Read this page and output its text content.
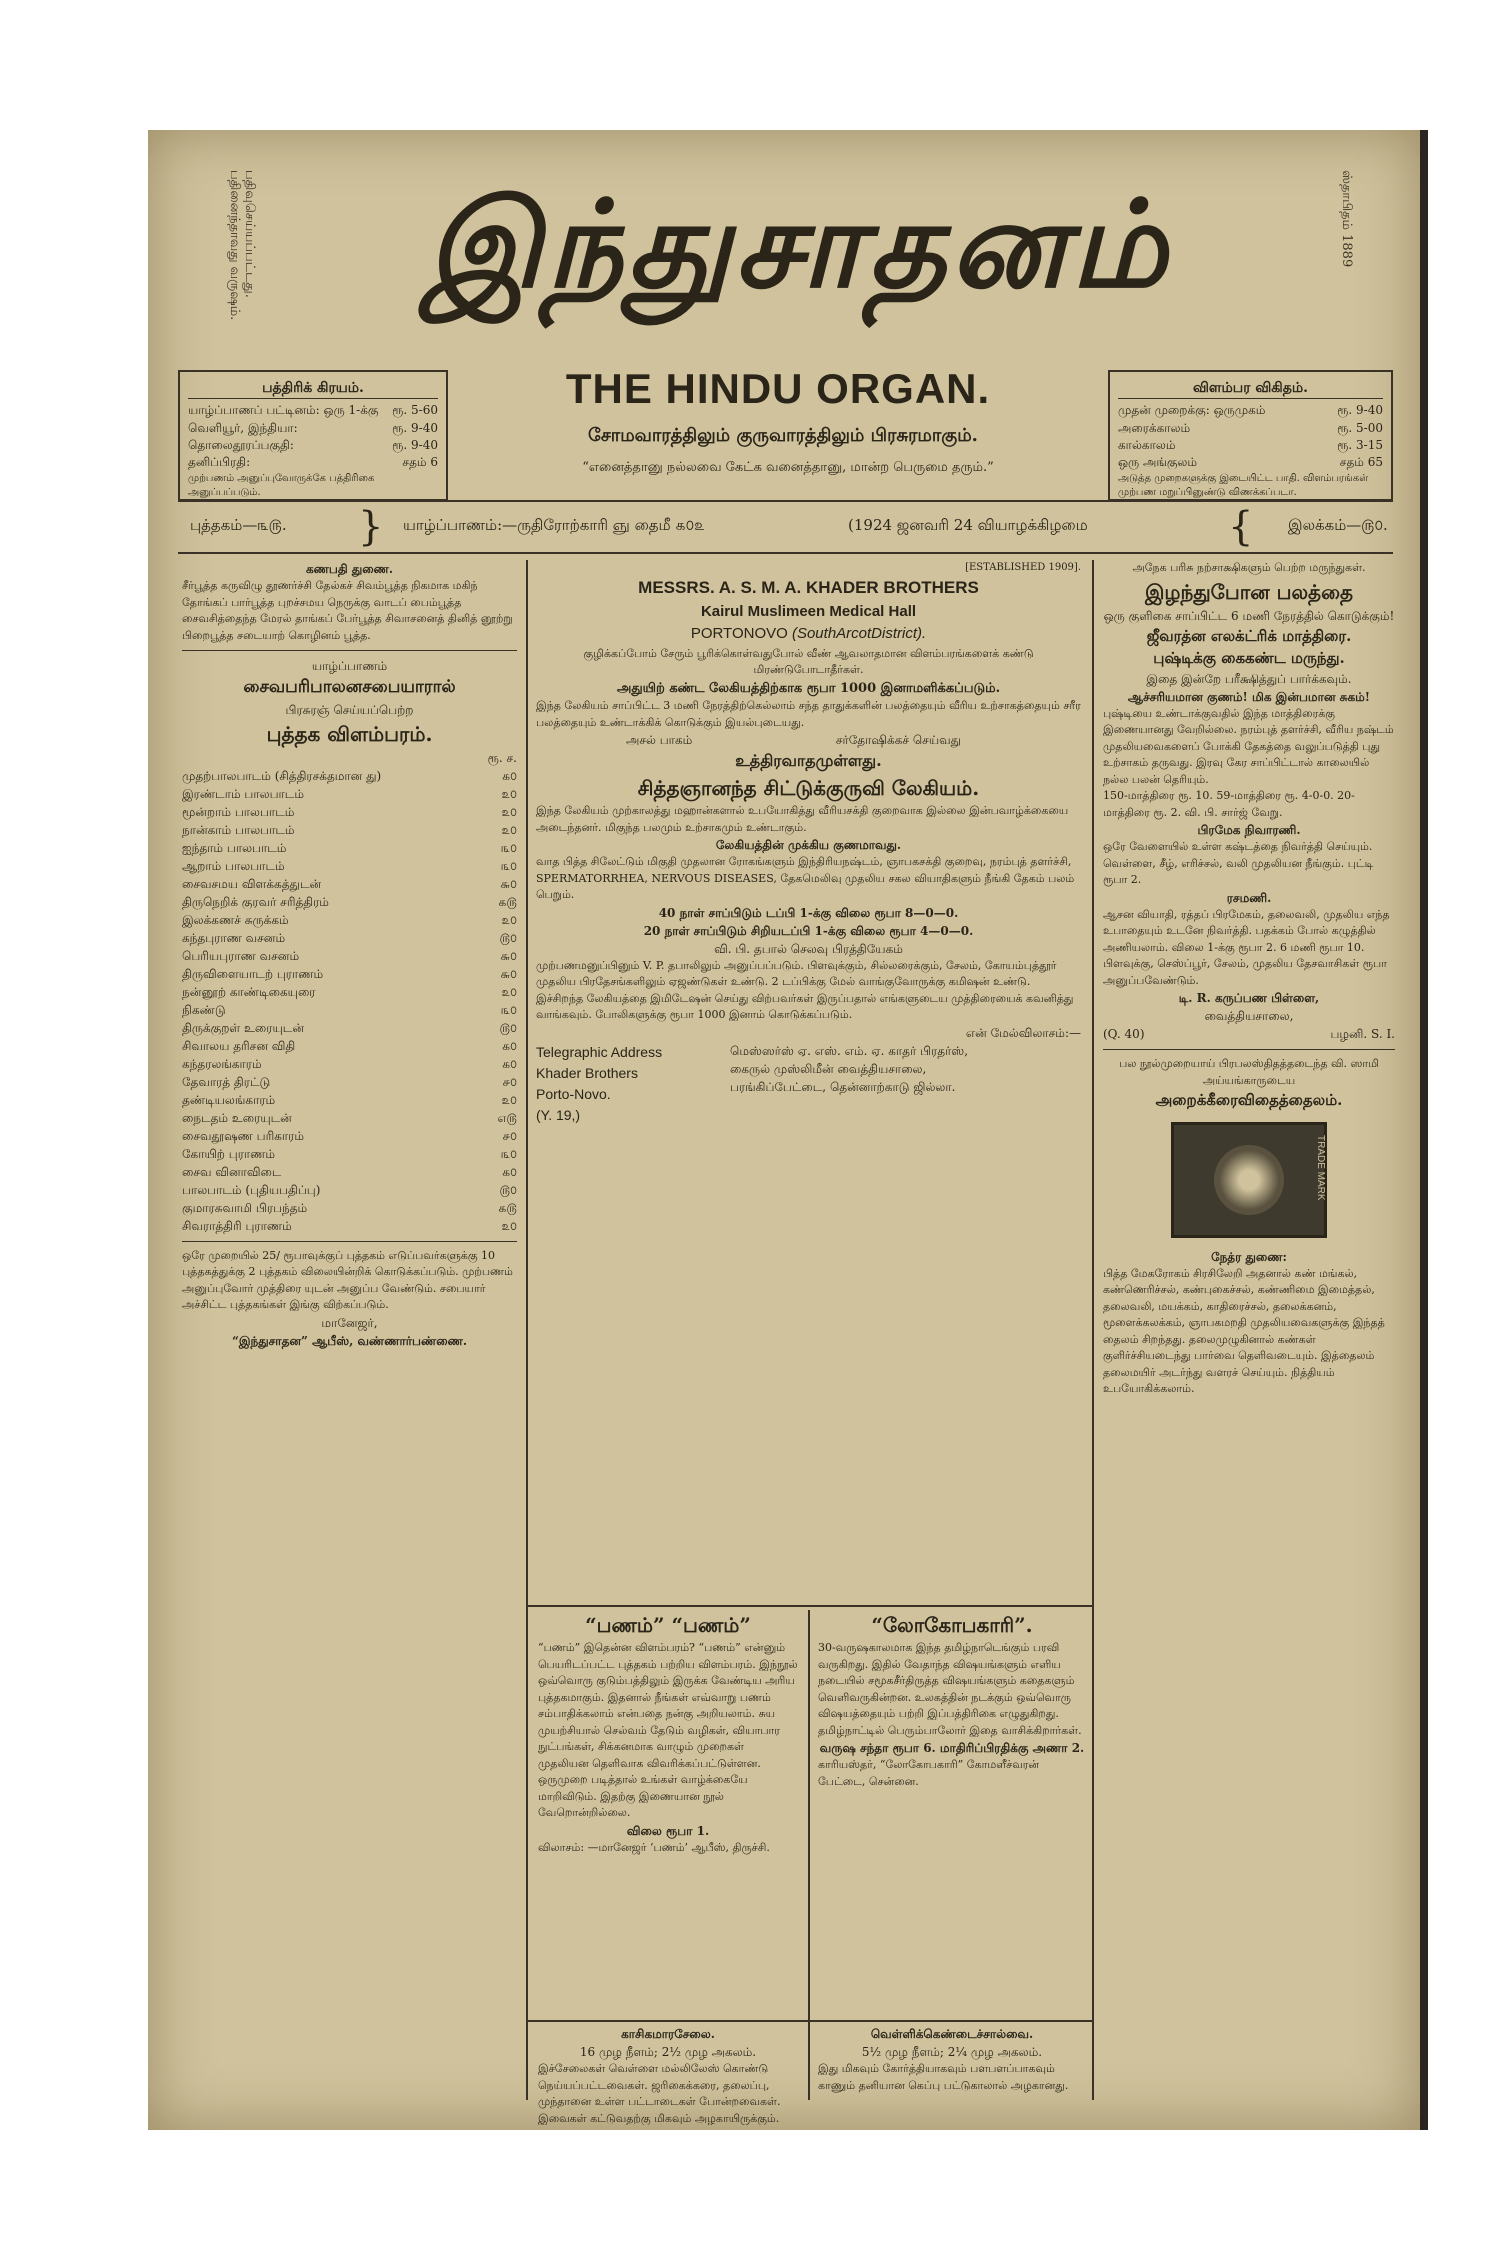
பதிவுசெய்யப்பட்டது. பதினைந்தாவது வருஷம்.	ஸ்தாபிதம் 1889
இந்துசாதனம்
பத்திரிக் கிரயம்.
யாழ்ப்பாணப் பட்டினம்: ஒரு 1-க்கு ரூ. 5-60
வெளியூர், இந்தியா:	ரூ. 9-40
தொலைதூரப்பகுதி:	ரூ. 9-40
தனிப்பிரதி:	சதம் 6
முற்பணம் அனுப்புவோருக்கே பத்திரிகை அனுப்பப்படும்.
விளம்பர விகிதம்.
முதன் முறைக்கு: ஒருமுகம்	ரூ. 9-40
அரைக்காலம்	ரூ. 5-00
கால்காலம்	ரூ. 3-15
ஒரு அங்குலம்	சதம் 65
அடுத்த முறைகளுக்கு இடையிட்ட பாதி. விளம்பரங்கள் முற்பண மறுப்பினுண்டு விணக்கப்படா.
THE HINDU ORGAN.
சோமவாரத்திலும் குருவாரத்திலும் பிரசுரமாகும்.
“எனைத்தானு நல்லவை கேட்க வனைத்தானு, மான்ற பெருமை தரும்.”
புத்தகம்—௩௫. } யாழ்ப்பாணம்:—ருதிரோற்காரி ஞு தைமீ ௧௦௨	(1924 ஜனவரி 24 வியாழக்கிழமை	{ இலக்கம்—௫௦.
கணபதி துணை.
சீர்பூத்த கருவிழு தூணர்ச்சி தேல்கச் சிவம்பூத்த நிகமாக மகிந் தோங்கப் பார்பூத்த புறச்சமய நெருக்கு வாடப் பைம்பூத்த சைவசித்தைந்த மேரல் தாங்கப் பேர்பூத்த சிவாசனைத் தினித் னூற்று பிறைபூத்த சடையாற் கொழினம் பூத்த.
யாழ்ப்பாணம்
சைவபரிபாலனசபையாரால்
பிரசுரஞ் செய்யப்பெற்ற
புத்தக விளம்பரம்.
ரூ. ச.
முதற்பாலபாடம் (சித்திரசக்தமான து)	௧௦
இரண்டாம் பாலபாடம்	௨௦
மூன்றாம் பாலபாடம்	௨௦
நான்காம் பாலபாடம்	௨௦
ஐந்தாம் பாலபாடம்	௩௦
ஆறாம் பாலபாடம்	௩௦
சைவசமய விளக்கத்துடன்	௬௦
திருநெறிக் குரவர் சரித்திரம்	௧௫
இலக்கணச் சுருக்கம்	௨௦
கந்தபுராண வசனம்	௫௦
பெரியபுராண வசனம்	௬௦
திருவிளையாடற் புராணம்	௬௦
நன்னூற் காண்டிகையுரை	௨௦
நிகண்டு	௩௦
திருக்குறள் உரையுடன்	௫௦
சிவாலய தரிசன விதி	௧௦
கந்தரலங்காரம்	௧௦
தேவாரத் திரட்டு	௪௦
தண்டியலங்காரம்	௨௦
நைடதம் உரையுடன்	௭௫
சைவதூஷண பரிகாரம்	௪௦
கோயிற் புராணம்	௩௦
சைவ வினாவிடை	௧௦
பாலபாடம் (புதியபதிப்பு)	௫௦
குமாரசுவாமி பிரபந்தம்	௧௫
சிவராத்திரி புராணம்	௨௦
ஒரே முறையில் 25/ ரூபாவுக்குப் புத்தகம் எடுப்பவர்களுக்கு 10 புத்தகத்துக்கு 2 புத்தகம் விலையின்றிக் கொடுக்கப்படும். முற்பணம் அனுப்புவோர் முத்திரை யுடன் அனுப்ப வேண்டும். சபையார் அச்சிட்ட புத்தகங்கள் இங்கு விற்கப்படும்.
மானேஜர்,
“இந்துசாதன” ஆபீஸ், வண்ணார்பண்ணை.
[ESTABLISHED 1909].
MESSRS. A. S. M. A. KHADER BROTHERS
Kairul Muslimeen Medical Hall
PORTONOVO (SouthArcotDistrict).
குழிக்கப்போம் சேரும் பூரிக்கொள்வதுபோல் வீண் ஆவலாதமான விளம்பரங்களைக் கண்டு மிரண்டுபோடாதீர்கள்.
அதுயிற் கண்ட லேகியத்திற்காக ரூபா 1000 இனாமளிக்கப்படும்.
இந்த லேகியம் சாப்பிட்ட 3 மணி நேரத்திற்கெல்லாம் சந்த தாதுக்களின் பலத்தையும் வீரிய உற்சாகத்தையும் சரீர பலத்தையும் உண்டாக்கிக் கொடுக்கும் இயல்புடையது.
அசல் பாகம்	சர்தோஷிக்கச் செய்வது
உத்திரவாதமுள்ளது.
சித்தஞானந்த சிட்டுக்குருவி லேகியம்.
இந்த லேகியம் முற்காலத்து மஹான்களால் உபயோகித்து வீரியசக்தி குறைவாக இல்லை இன்பவாழ்க்கையை அடைந்தனர். மிகுந்த பலமும் உற்சாகமும் உண்டாகும்.
லேகியத்தின் முக்கிய குணமாவது.
வாத பித்த சிலேட்டும் மிகுதி முதலான ரோகங்களும் இந்திரியநஷ்டம், ஞாபகசக்தி குறைவு, நரம்புத் தளர்ச்சி, SPERMATORRHEA, NERVOUS DISEASES, தேகமெலிவு முதலிய சகல வியாதிகளும் நீங்கி தேகம் பலம் பெறும்.
40 நாள் சாப்பிடும் டப்பி 1-க்கு விலை ரூபா 8—0—0.
20 நாள் சாப்பிடும் சிறியடப்பி 1-க்கு விலை ரூபா 4—0—0.
வி. பி. தபால் செலவு பிரத்தியேகம்
முற்பணமனுப்பினும் V. P. தபாலிலும் அனுப்பப்படும். பிளவுக்கும், சில்லரைக்கும், சேலம், கோயம்புத்தூர் முதலிய பிரதேசங்களிலும் ஏஜண்டுகள் உண்டு. 2 டப்பிக்கு மேல் வாங்குவோருக்கு கமிஷன் உண்டு.
இச்சிறந்த லேகியத்தை இமிடேஷன் செய்து விற்பவர்கள் இருப்பதால் எங்களுடைய முத்திரையைக் கவனித்து வாங்கவும். போலிகளுக்கு ரூபா 1000 இனாம் கொடுக்கப்படும்.
என் மேல்விலாசம்:—
Telegraphic Address
Khader Brothers
Porto-Novo.
(Y. 19,)
மெஸ்ஸர்ஸ் ஏ. எஸ். எம். ஏ. காதர் பிரதர்ஸ்,
கைருல் முஸ்லிமீன் வைத்தியசாலை,
பரங்கிப்பேட்டை, தென்னாற்காடு ஜில்லா.
“பணம்” “பணம்”
“பணம்” இதென்ன விளம்பரம்? “பணம்” என்னும் பெயரிடப்பட்ட புத்தகம் பற்றிய விளம்பரம். இந்நூல் ஒவ்வொரு குடும்பத்திலும் இருக்க வேண்டிய அரிய புத்தகமாகும். இதனால் நீங்கள் எவ்வாறு பணம் சம்பாதிக்கலாம் என்பதை நன்கு அறியலாம். சுய முயற்சியால் செல்வம் தேடும் வழிகள், வியாபார நுட்பங்கள், சிக்கனமாக வாழும் முறைகள் முதலியன தெளிவாக விவரிக்கப்பட்டுள்ளன. ஒருமுறை படித்தால் உங்கள் வாழ்க்கையே மாறிவிடும். இதற்கு இணையான நூல் வேறொன்றில்லை.
விலை ரூபா 1.
விலாசம்: —மானேஜர் ‘பணம்’ ஆபீஸ், திருச்சி.
“லோகோபகாரி”.
30-வருஷகாலமாக இந்த தமிழ்நாடெங்கும் பரவி வருகிறது. இதில் வேதாந்த விஷயங்களும் எளிய நடையில் சமூகசீர்திருத்த விஷயங்களும் கதைகளும் வெளிவருகின்றன. உலகத்தின் நடக்கும் ஒவ்வொரு விஷயத்தையும் பற்றி இப்பத்திரிகை எழுதுகிறது. தமிழ்நாட்டில் பெரும்பாலோர் இதை வாசிக்கிறார்கள்.
வருஷ சந்தா ரூபா 6. மாதிரிப்பிரதிக்கு அணா 2.
காரியஸ்தர், “லோகோபகாரி” கோமளீச்வரன் பேட்டை, சென்னை.
காசிகமாரசேலை.
16 முழ நீளம்; 2½ முழ அகலம்.
இச்சேலைகள் வெள்ளை மல்லிலேஸ் கொண்டு நெய்யப்பட்டவைகள். ஜரிகைக்கரை, தலைப்பு, முந்தானை உள்ள பட்டாடைகள் போன்றவைகள். இவைகள் கட்டுவதற்கு மிகவும் அழகாயிருக்கும்.
வெள்ளிக்கெண்டைச்சால்வை.
5½ முழ நீளம்; 2¼ முழ அகலம்.
இது மிகவும் கோர்த்தியாகவும் பளபளப்பாகவும் காணும் தனியான கெப்பு பட்டுகாலால் அழகானது.
அநேக பரிசு நற்சாக்ஷிகளும் பெற்ற மருந்துகள்.
இழந்துபோன பலத்தை
ஒரு குளிகை சாப்பிட்ட 6 மணி நேரத்தில் கொடுக்கும்!
ஜீவரத்ன எலக்ட்ரிக் மாத்திரை.
புஷ்டிக்கு கைகண்ட மருந்து.
இதை இன்றே பரீக்ஷித்துப் பார்க்கவும்.
ஆச்சரியமான குணம்! மிக இன்பமான சுகம்!
புஷ்டியை உண்டாக்குவதில் இந்த மாத்திரைக்கு இணையானது வேறில்லை. நரம்புத் தளர்ச்சி, வீரிய நஷ்டம் முதலியவைகளைப் போக்கி தேகத்தை வலுப்படுத்தி புது உற்சாகம் தருவது. இரவு கேர சாப்பிட்டால் காலையில் நல்ல பலன் தெரியும்.
150-மாத்திரை ரூ. 10. 59-மாத்திரை ரூ. 4-0-0. 20-மாத்திரை ரூ. 2. வி. பி. சார்ஜ் வேறு.
பிரமேக நிவாரணி.
ஒரே வேளையில் உள்ள கஷ்டத்தை நிவர்த்தி செய்யும். வெள்ளை, சீழ், எரிச்சல், வலி முதலியன நீங்கும். புட்டி ரூபா 2.
ரசமணி.
ஆசன வியாதி, ரத்தப் பிரமேகம், தலைவலி, முதலிய எந்த உபாதையும் உடனே நிவர்த்தி. பதக்கம் போல் கழுத்தில் அணியலாம். விலை 1-க்கு ரூபா 2. 6 மணி ரூபா 10.
பிளவுக்கு, செஸ்ப்பூர், சேலம், முதலிய தேசவாசிகள் ரூபா அனுப்பவேண்டும்.
டி. R. கருப்பண பிள்ளை,
வைத்தியசாலை,
(Q. 40)	பழனி. S. I.
பல நூல்முறையாய் பிரபலஸ்திதத்தடைந்த வி. ஸாமி அய்யங்காருடைய
அறைக்கீரைவிதைத்தைலம்.
TRADE MARK
நேத்ர துணை:
பித்த மேகரோகம் சிரசிலேறி அதனால் கண் மங்கல், கண்ணெரிச்சல், கண்புகைச்சல், கண்ணிமை இமைத்தல், தலைவலி, மயக்கம், காதிரைச்சல், தலைக்கனம், மூளைக்கலக்கம், ஞாபகமறதி முதலியவைகளுக்கு இந்தத் தைலம் சிறந்தது. தலைமுழுகினால் கண்கள் குளிர்ச்சியடைந்து பார்வை தெளிவடையும். இத்தைலம் தலைமயிர் அடர்ந்து வளரச் செய்யும். நித்தியம் உபயோகிக்கலாம்.
